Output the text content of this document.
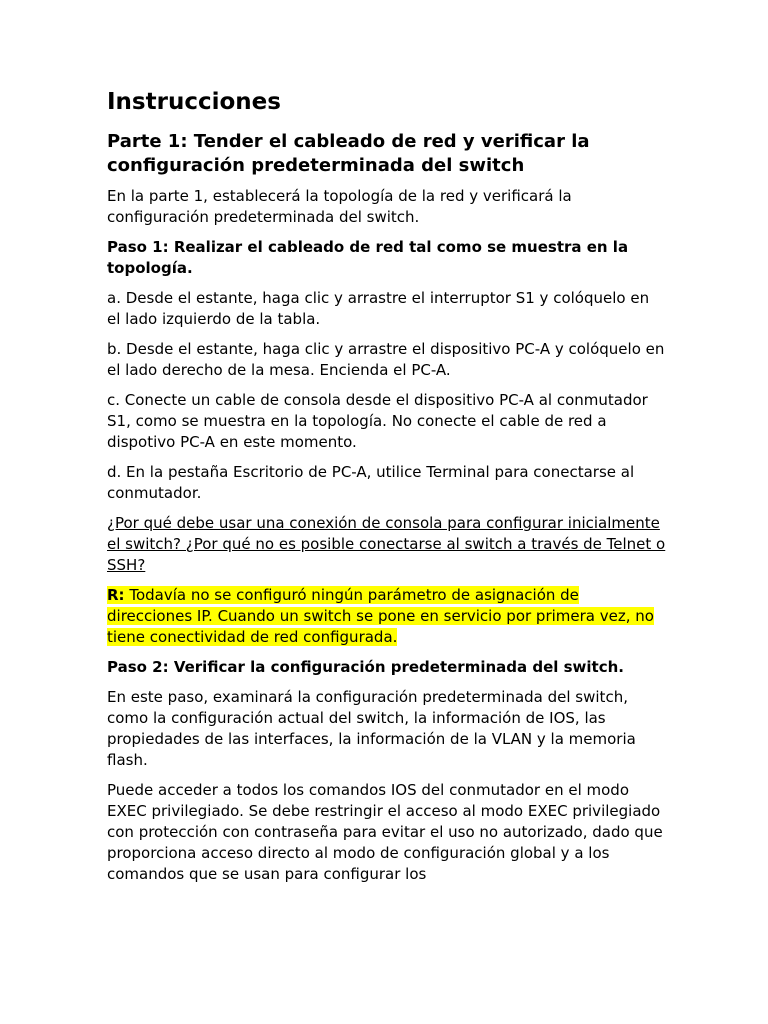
Instrucciones
Parte 1: Tender el cableado de red y verificar la configuración predeterminada del switch

En la parte 1, establecerá la topología de la red y verificará la configuración predeterminada del switch.

Paso 1: Realizar el cableado de red tal como se muestra en la topología.

a. Desde el estante, haga clic y arrastre el interruptor S1 y colóquelo en el lado izquierdo de la tabla.

b. Desde el estante, haga clic y arrastre el dispositivo PC-A y colóquelo en el lado derecho de la mesa. Encienda el PC-A.

c. Conecte un cable de consola desde el dispositivo PC-A al conmutador S1, como se muestra en la topología. No conecte el cable de red a dispotivo PC-A en este momento.

d. En la pestaña Escritorio de PC-A, utilice Terminal para conectarse al conmutador.

¿Por qué debe usar una conexión de consola para configurar inicialmente el switch? ¿Por qué no es posible conectarse al switch a través de Telnet o SSH?

R: Todavía no se configuró ningún parámetro de asignación de direcciones IP. Cuando un switch se pone en servicio por primera vez, no tiene conectividad de red configurada.

Paso 2: Verificar la configuración predeterminada del switch.

En este paso, examinará la configuración predeterminada del switch, como la configuración actual del switch, la información de IOS, las propiedades de las interfaces, la información de la VLAN y la memoria flash.

Puede acceder a todos los comandos IOS del conmutador en el modo EXEC privilegiado. Se debe restringir el acceso al modo EXEC privilegiado con protección con contraseña para evitar el uso no autorizado, dado que proporciona acceso directo al modo de configuración global y a los comandos que se usan para configurar los
